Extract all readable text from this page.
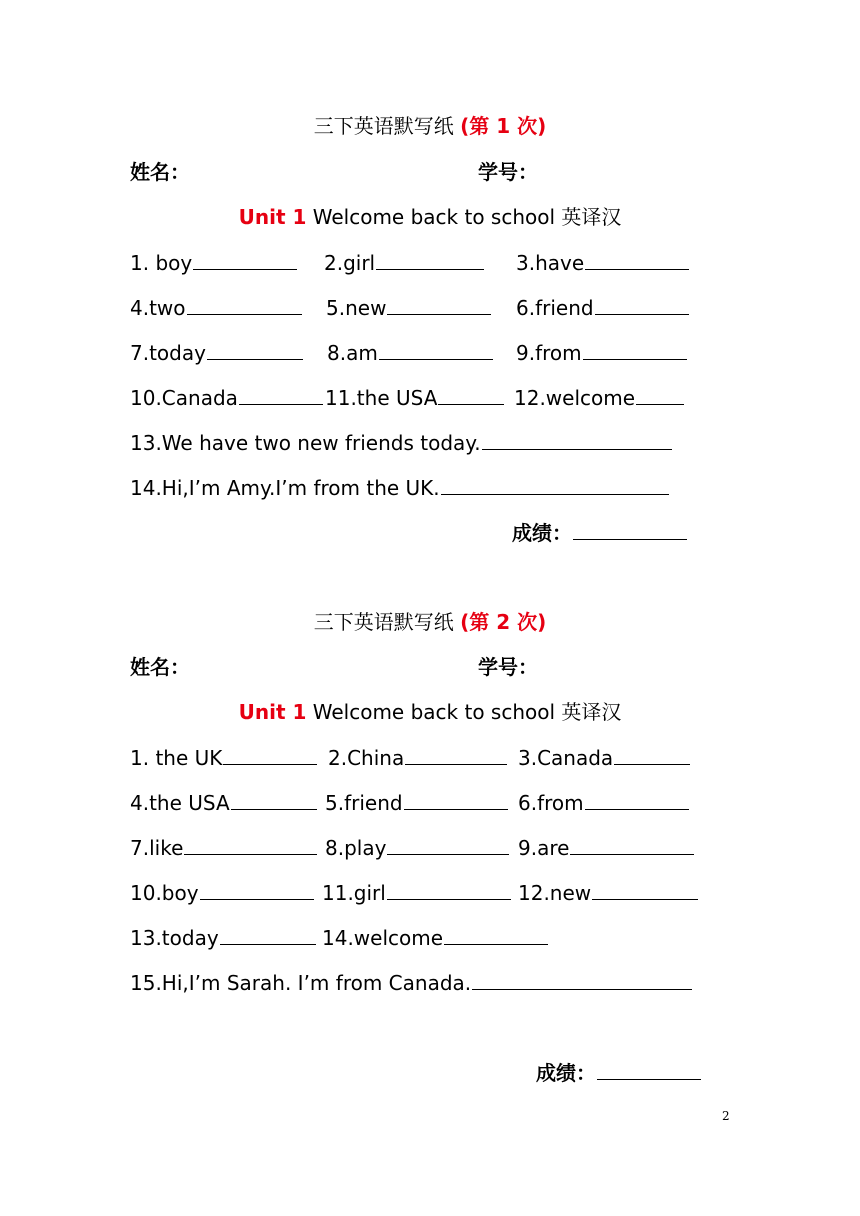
三下英语默写纸 (第 1 次)
姓名：	学号：
Unit 1 Welcome back to school 英译汉
1. boy	2.girl	3.have
4.two	5.new	6.friend
7.today	8.am	9.from
10.Canada	11.the USA	12.welcome
13.We have two new friends today.
14.Hi,I’m Amy.I’m from the UK.
成绩：
三下英语默写纸 (第 2 次)
姓名：	学号：
Unit 1 Welcome back to school 英译汉
1. the UK	2.China	3.Canada
4.the USA	5.friend	6.from
7.like	8.play	9.are
10.boy	11.girl	12.new
13.today	14.welcome
15.Hi,I’m Sarah. I’m from Canada.
成绩：
2
